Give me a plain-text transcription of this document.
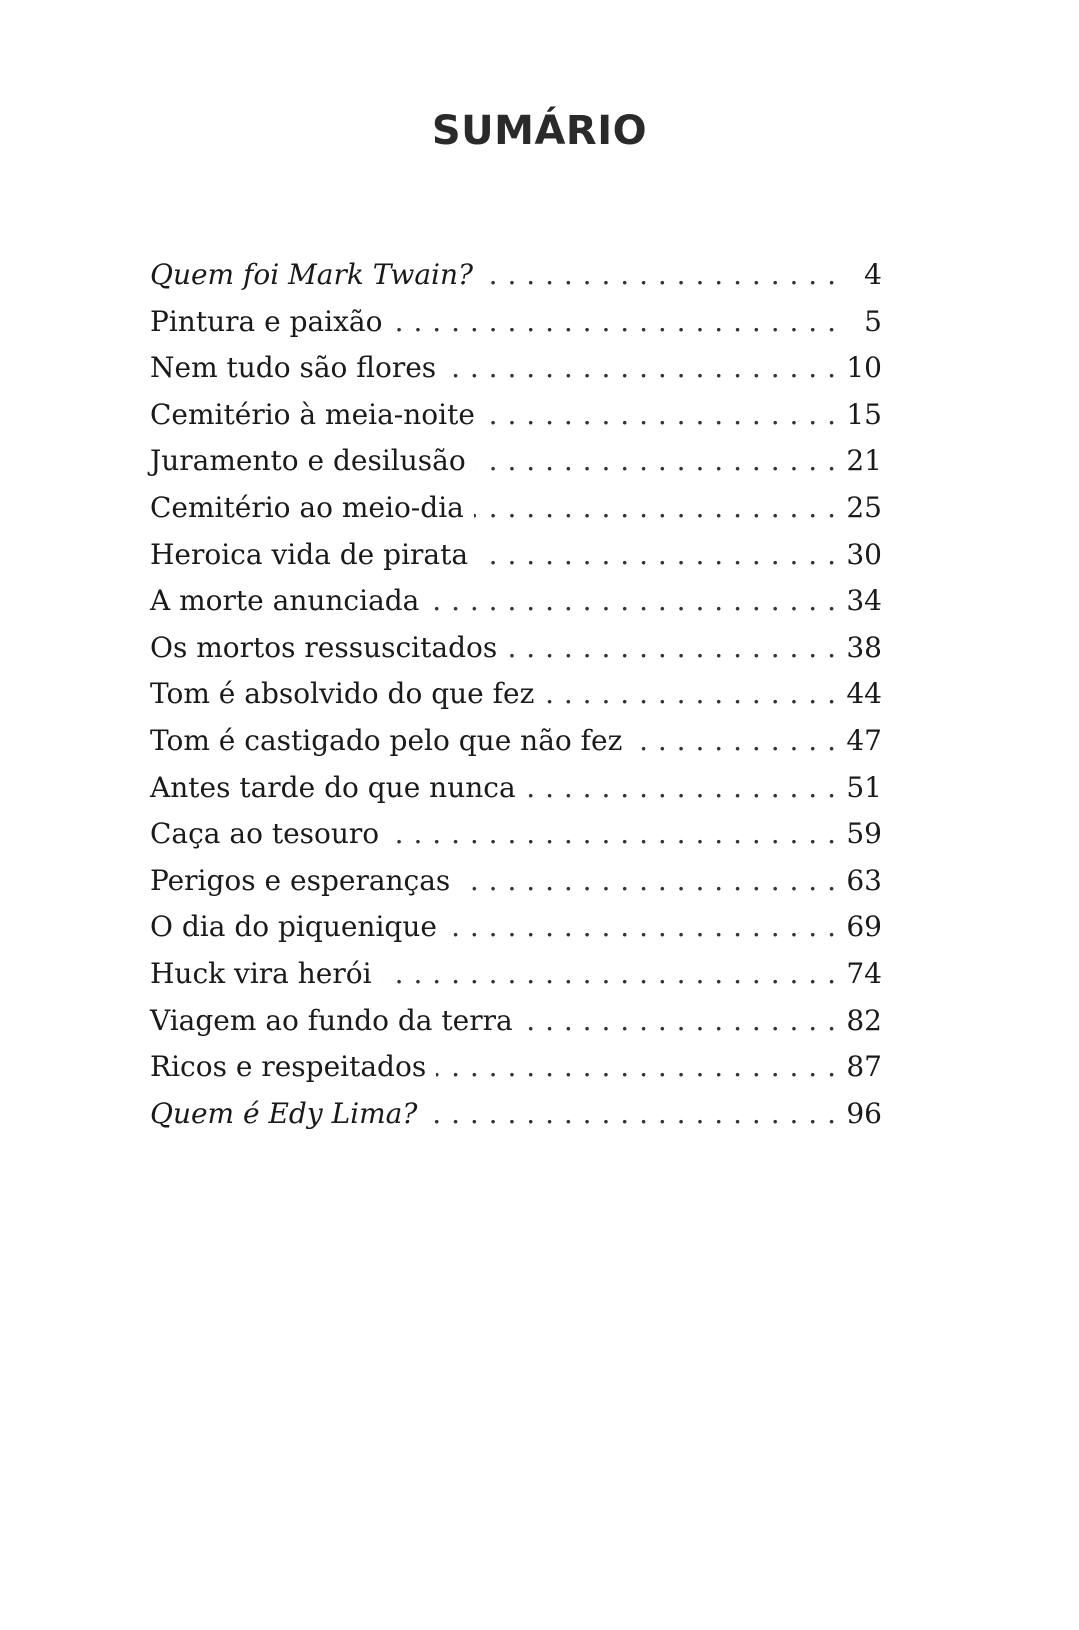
SUMÁRIO
Quem foi Mark Twain? . . .	4
Pintura e paixão . . .	5
Nem tudo são flores . . .	10
Cemitério à meia-noite . . .	15
Juramento e desilusão . . .	21
Cemitério ao meio-dia . . .	25
Heroica vida de pirata . . .	30
A morte anunciada . . .	34
Os mortos ressuscitados . . .	38
Tom é absolvido do que fez . . .	44
Tom é castigado pelo que não fez . . .	47
Antes tarde do que nunca . . .	51
Caça ao tesouro . . .	59
Perigos e esperanças . . .	63
O dia do piquenique . . .	69
Huck vira herói . . .	74
Viagem ao fundo da terra . . .	82
Ricos e respeitados . . .	87
Quem é Edy Lima? . . .	96
